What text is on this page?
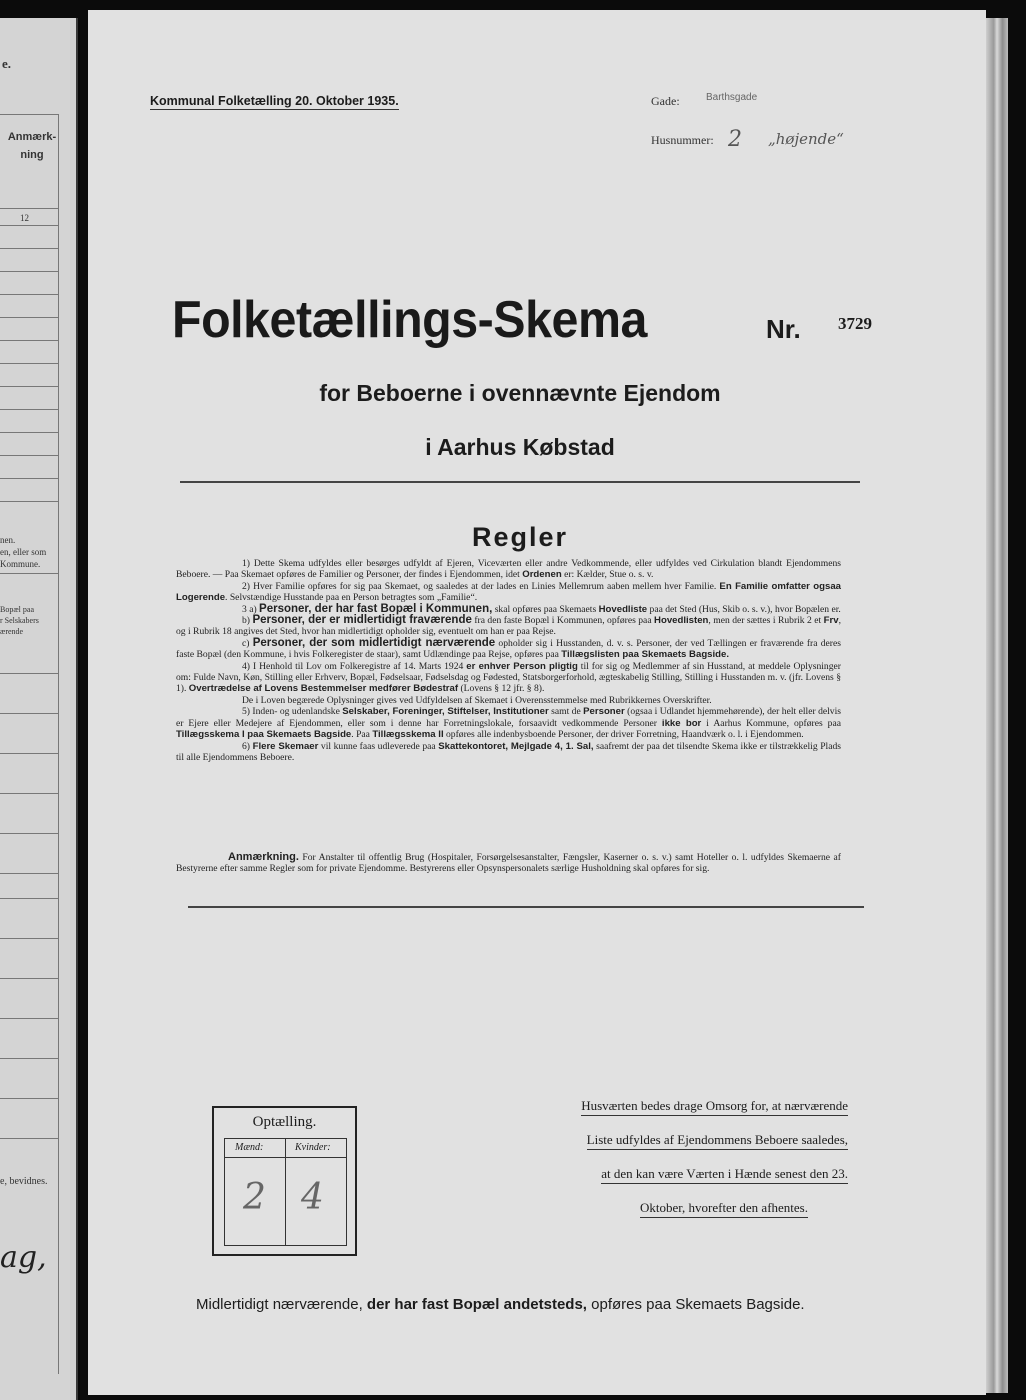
e.
Anmærk-
ning
12
nen.
en, eller som
Kommune.
Bopæl paa
r Selskabers
ærende
e, bevidnes.
ag,
Kommunal Folketælling 20. Oktober 1935.	Gade:	Barthsgade
Husnummer: 2 „højende“
Folketællings-Skema	Nr. 3729
for Beboerne i ovennævnte Ejendom
i Aarhus Købstad
Regler

1) Dette Skema udfyldes eller besørges udfyldt af Ejeren, Viceværten eller andre Vedkommende, eller udfyldes ved Cirkulation blandt Ejendommens Beboere. — Paa Skemaet opføres de Familier og Personer, der findes i Ejendommen, idet Ordenen er: Kælder, Stue o. s. v.

2) Hver Familie opføres for sig paa Skemaet, og saaledes at der lades en Linies Mellemrum aaben mellem hver Familie. En Familie omfatter ogsaa Logerende. Selvstændige Husstande paa en Person betragtes som „Familie“.

3 a) Personer, der har fast Bopæl i Kommunen, skal opføres paa Skemaets Hovedliste paa det Sted (Hus, Skib o. s. v.), hvor Bopælen er.

b) Personer, der er midlertidigt fraværende fra den faste Bopæl i Kommunen, opføres paa Hovedlisten, men der sættes i Rubrik 2 et Frv, og i Rubrik 18 angives det Sted, hvor han midlertidigt opholder sig, eventuelt om han er paa Rejse.

c) Personer, der som midlertidigt nærværende opholder sig i Husstanden, d. v. s. Personer, der ved Tællingen er fraværende fra deres faste Bopæl (den Kommune, i hvis Folkeregister de staar), samt Udlændinge paa Rejse, opføres paa Tillægslisten paa Skemaets Bagside.

4) I Henhold til Lov om Folkeregistre af 14. Marts 1924 er enhver Person pligtig til for sig og Medlemmer af sin Husstand, at meddele Oplysninger om: Fulde Navn, Køn, Stilling eller Erhverv, Bopæl, Fødselsaar, Fødselsdag og Fødested, Statsborgerforhold, ægteskabelig Stilling, Stilling i Husstanden m. v. (jfr. Lovens § 1). Overtrædelse af Lovens Bestemmelser medfører Bødestraf (Lovens § 12 jfr. § 8).

De i Loven begærede Oplysninger gives ved Udfyldelsen af Skemaet i Overensstemmelse med Rubrikkernes Overskrifter.

5) Inden- og udenlandske Selskaber, Foreninger, Stiftelser, Institutioner samt de Personer (ogsaa i Udlandet hjemmehørende), der helt eller delvis er Ejere eller Medejere af Ejendommen, eller som i denne har Forretningslokale, forsaavidt vedkommende Personer ikke bor i Aarhus Kommune, opføres paa Tillægsskema I paa Skemaets Bagside. Paa Tillægsskema II opføres alle indenbysboende Personer, der driver Forretning, Haandværk o. l. i Ejendommen.

6) Flere Skemaer vil kunne faas udleverede paa Skattekontoret, Mejlgade 4, 1. Sal, saafremt der paa det tilsendte Skema ikke er tilstrækkelig Plads til alle Ejendommens Beboere.

Anmærkning. For Anstalter til offentlig Brug (Hospitaler, Forsørgelsesanstalter, Fængsler, Kaserner o. s. v.) samt Hoteller o. l. udfyldes Skemaerne af Bestyrerne efter samme Regler som for private Ejendomme. Bestyrerens eller Opsynspersonalets særlige Husholdning skal opføres for sig.
Optælling.
Mænd:	Kvinder:
2 4
Husværten bedes drage Omsorg for, at nærværende
Liste udfyldes af Ejendommens Beboere saaledes,
at den kan være Værten i Hænde senest den 23.
Oktober, hvorefter den afhentes.
Midlertidigt nærværende, der har fast Bopæl andetsteds, opføres paa Skemaets Bagside.
